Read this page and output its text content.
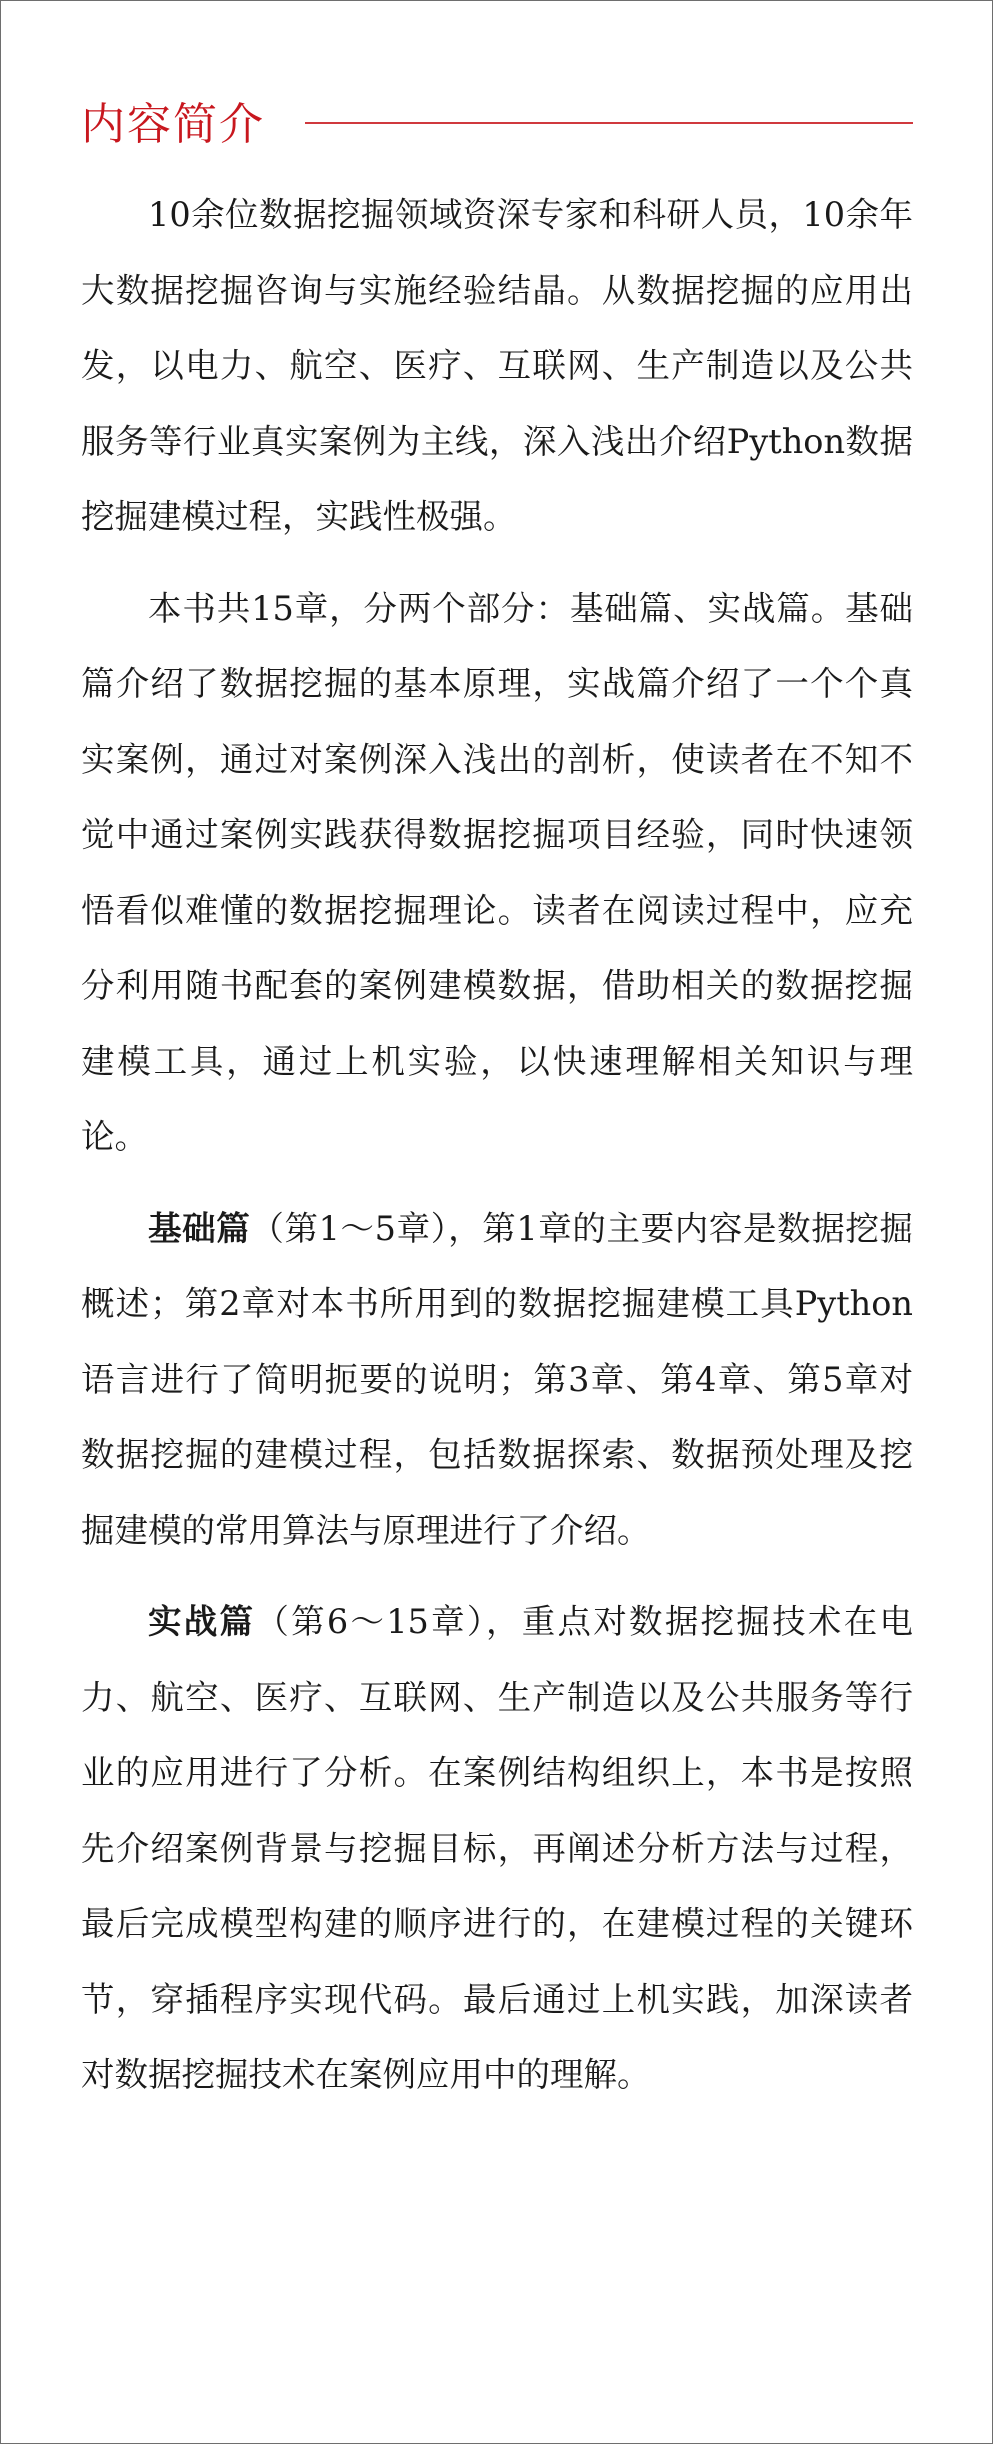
内容简介

10余位数据挖掘领域资深专家和科研人员，10余年大数据挖掘咨询与实施经验结晶。从数据挖掘的应用出发，以电力、航空、医疗、互联网、生产制造以及公共服务等行业真实案例为主线，深入浅出介绍Python数据挖掘建模过程，实践性极强。

本书共15章，分两个部分：基础篇、实战篇。基础篇介绍了数据挖掘的基本原理，实战篇介绍了一个个真实案例，通过对案例深入浅出的剖析，使读者在不知不觉中通过案例实践获得数据挖掘项目经验，同时快速领悟看似难懂的数据挖掘理论。读者在阅读过程中，应充分利用随书配套的案例建模数据，借助相关的数据挖掘建模工具，通过上机实验，以快速理解相关知识与理论。

基础篇（第1～5章），第1章的主要内容是数据挖掘概述；第2章对本书所用到的数据挖掘建模工具Python语言进行了简明扼要的说明；第3章、第4章、第5章对数据挖掘的建模过程，包括数据探索、数据预处理及挖掘建模的常用算法与原理进行了介绍。

实战篇（第6～15章），重点对数据挖掘技术在电力、航空、医疗、互联网、生产制造以及公共服务等行业的应用进行了分析。在案例结构组织上，本书是按照先介绍案例背景与挖掘目标，再阐述分析方法与过程，最后完成模型构建的顺序进行的，在建模过程的关键环节，穿插程序实现代码。最后通过上机实践，加深读者对数据挖掘技术在案例应用中的理解。
